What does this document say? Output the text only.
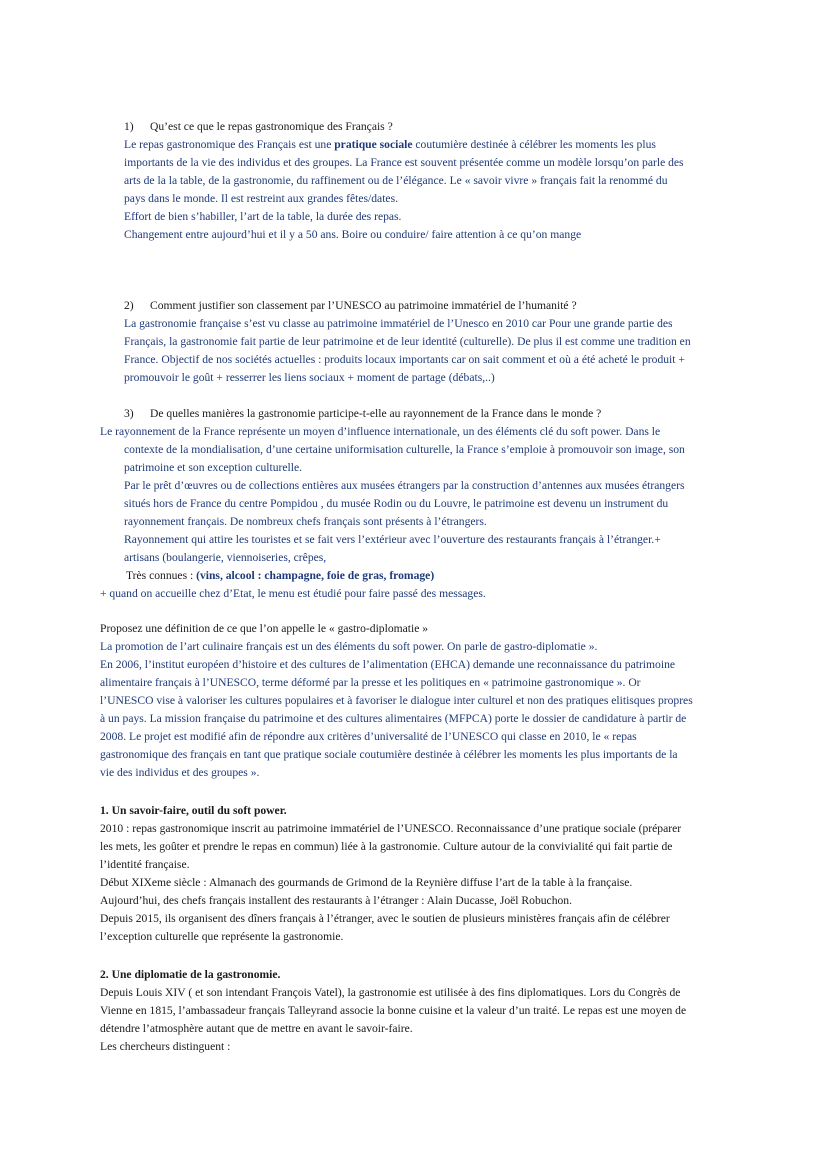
1) Qu’est ce que le repas gastronomique des Français ?
Le repas gastronomique des Français est une pratique sociale coutumière destinée à célébrer les moments les plus
importants de la vie des individus et des groupes. La France est souvent présentée comme un modèle lorsqu’on parle des
arts de la la table, de la gastronomie, du raffinement ou de l’élégance. Le « savoir vivre » français fait la renommé du
pays dans le monde. Il est restreint aux grandes fêtes/dates.
Effort de bien s’habiller, l’art de la table, la durée des repas.
Changement entre aujourd’hui et il y a 50 ans. Boire ou conduire/ faire attention à ce qu’on mange
2) Comment justifier son classement par l’UNESCO au patrimoine immatériel de l’humanité ?
La gastronomie française s’est vu classe au patrimoine immatériel de l’Unesco en 2010 car Pour une grande partie des
Français, la gastronomie fait partie de leur patrimoine et de leur identité (culturelle). De plus il est comme une tradition en
France. Objectif de nos sociétés actuelles : produits locaux importants car on sait comment et où a été acheté le produit +
promouvoir le goût + resserrer les liens sociaux + moment de partage (débats,..)
3) De quelles manières la gastronomie participe-t-elle au rayonnement de la France dans le monde ?
Le rayonnement de la France représente un moyen d’influence internationale, un des éléments clé du soft power. Dans le
contexte de la mondialisation, d’une certaine uniformisation culturelle, la France s’emploie à promouvoir son image, son
patrimoine et son exception culturelle.
Par le prêt d’œuvres ou de collections entières aux musées étrangers par la construction d’antennes aux musées étrangers
situés hors de France du centre Pompidou , du musée Rodin ou du Louvre, le patrimoine est devenu un instrument du
rayonnement français. De nombreux chefs français sont présents à l’étrangers.
Rayonnement qui attire les touristes et se fait vers l’extérieur avec l’ouverture des restaurants français à l’étranger.+
artisans (boulangerie, viennoiseries, crêpes,
Très connues : (vins, alcool : champagne, foie de gras, fromage)
+ quand on accueille chez d’Etat, le menu est étudié pour faire passé des messages.
Proposez une définition de ce que l’on appelle le « gastro-diplomatie »
La promotion de l’art culinaire français est un des éléments du soft power. On parle de gastro-diplomatie ».
En 2006, l’institut européen d’histoire et des cultures de l’alimentation (EHCA) demande une reconnaissance du patrimoine
alimentaire français à l’UNESCO, terme déformé par la presse et les politiques en « patrimoine gastronomique ». Or
l’UNESCO vise à valoriser les cultures populaires et à favoriser le dialogue inter culturel et non des pratiques elitisques propres
à un pays. La mission française du patrimoine et des cultures alimentaires (MFPCA) porte le dossier de candidature à partir de
2008. Le projet est modifié afin de répondre aux critères d’universalité de l’UNESCO qui classe en 2010, le « repas
gastronomique des français en tant que pratique sociale coutumière destinée à célébrer les moments les plus importants de la
vie des individus et des groupes ».
1. Un savoir-faire, outil du soft power.
2010 : repas gastronomique inscrit au patrimoine immatériel de l’UNESCO. Reconnaissance d’une pratique sociale (préparer
les mets, les goûter et prendre le repas en commun) liée à la gastronomie. Culture autour de la convivialité qui fait partie de
l’identité française.
Début XIXeme siècle : Almanach des gourmands de Grimond de la Reynière diffuse l’art de la table à la française.
Aujourd’hui, des chefs français installent des restaurants à l’étranger : Alain Ducasse, Joël Robuchon.
Depuis 2015, ils organisent des dîners français à l’étranger, avec le soutien de plusieurs ministères français afin de célébrer
l’exception culturelle que représente la gastronomie.
2. Une diplomatie de la gastronomie.
Depuis Louis XIV ( et son intendant François Vatel), la gastronomie est utilisée à des fins diplomatiques. Lors du Congrès de
Vienne en 1815, l’ambassadeur français Talleyrand associe la bonne cuisine et la valeur d’un traité. Le repas est une moyen de
détendre l’atmosphère autant que de mettre en avant le savoir-faire.
Les chercheurs distinguent :
